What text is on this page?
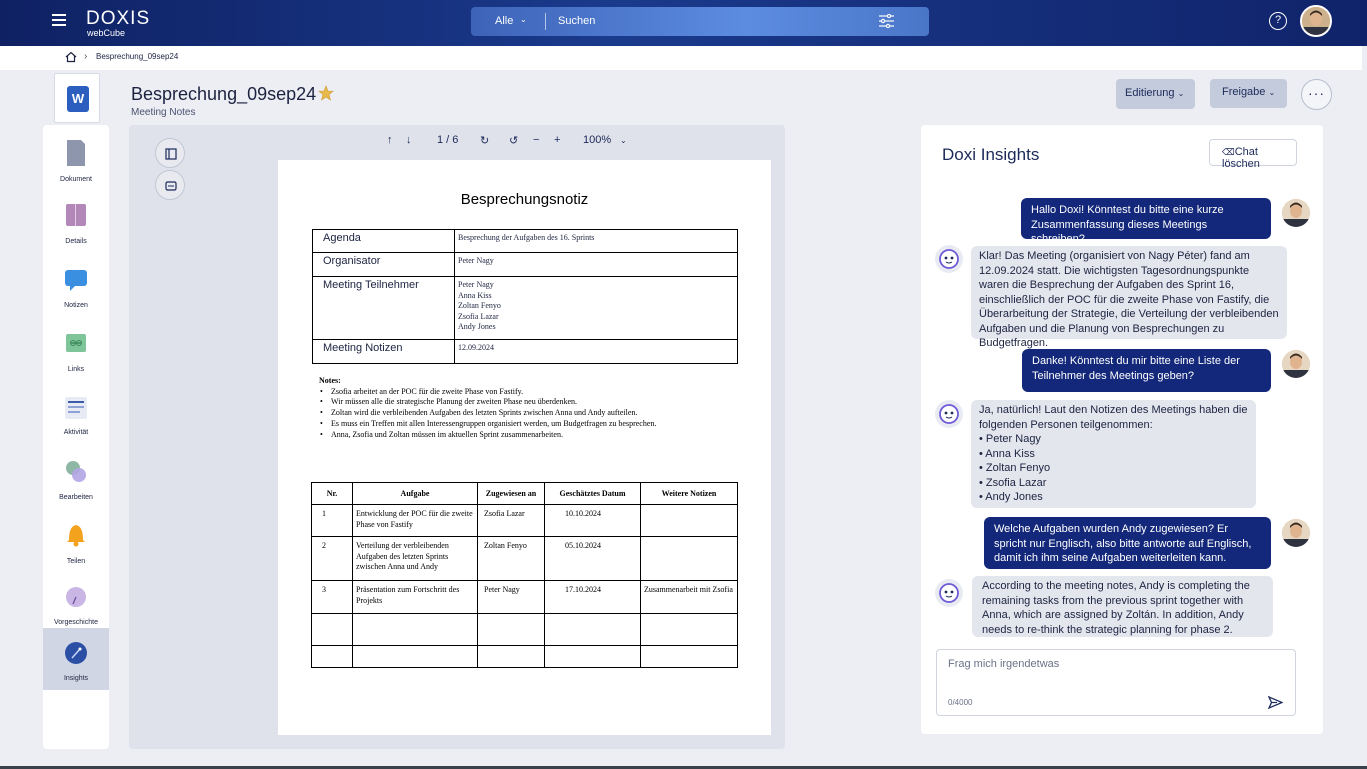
DOXIS
webCube
Alle ⌄	Suchen	?
› Besprechung_09sep24
W	Besprechung_09sep24
Meeting Notes
Editierung ⌄	Freigabe ⌄	···
Dokument
Details
Notizen
Links
Aktivität
Bearbeiten
Teilen
Vorgeschichte
Insights
↑ ↓ 1 / 6 ↻ ↺ − + 100% ⌄
Besprechungsnotiz
Agenda	Besprechung der Aufgaben des 16. Sprints
Organisator	Peter Nagy
Meeting Teilnehmer	Peter Nagy
Anna Kiss
Zoltan Fenyo
Zsofia Lazar
Andy Jones

Meeting Notizen	12.09.2024
Notes:
• Zsofia arbeitet an der POC für die zweite Phase von Fastify.
• Wir müssen alle die strategische Planung der zweiten Phase neu überdenken.
• Zoltan wird die verbleibenden Aufgaben des letzten Sprints zwischen Anna und Andy aufteilen.
• Es muss ein Treffen mit allen Interessengruppen organisiert werden, um Budgetfragen zu besprechen.
• Anna, Zsofia und Zoltan müssen im aktuellen Sprint zusammenarbeiten.
Nr.	Aufgabe	Zugewiesen an	Geschätztes Datum	Weitere Notizen
1	Entwicklung der POC für die zweite Phase von Fastify	Zsofia Lazar	10.10.2024	
2	Verteilung der verbleibenden Aufgaben des letzten Sprints zwischen Anna und Andy	Zoltan Fenyo	05.10.2024	
3	Präsentation zum Fortschritt des Projekts	Peter Nagy	17.10.2024	Zusammenarbeit mit Zsofia

Doxi Insights	⌫Chat löschen
Hallo Doxi! Könntest du bitte eine kurze Zusammenfassung dieses Meetings schreiben?
Klar! Das Meeting (organisiert von Nagy Péter) fand am 12.09.2024 statt. Die wichtigsten Tagesordnungspunkte waren die Besprechung der Aufgaben des Sprint 16, einschließlich der POC für die zweite Phase von Fastify, die Überarbeitung der Strategie, die Verteilung der verbleibenden Aufgaben und die Planung von Besprechungen zu Budgetfragen.
Danke! Könntest du mir bitte eine Liste der Teilnehmer des Meetings geben?
Ja, natürlich! Laut den Notizen des Meetings haben die folgenden Personen teilgenommen:
• Peter Nagy
• Anna Kiss
• Zoltan Fenyo
• Zsofia Lazar
• Andy Jones
Welche Aufgaben wurden Andy zugewiesen? Er spricht nur Englisch, also bitte antworte auf Englisch, damit ich ihm seine Aufgaben weiterleiten kann.
According to the meeting notes, Andy is completing the remaining tasks from the previous sprint together with Anna, which are assigned by Zoltán. In addition, Andy needs to re-think the strategic planning for phase 2.
Frag mich irgendetwas
0/4000
